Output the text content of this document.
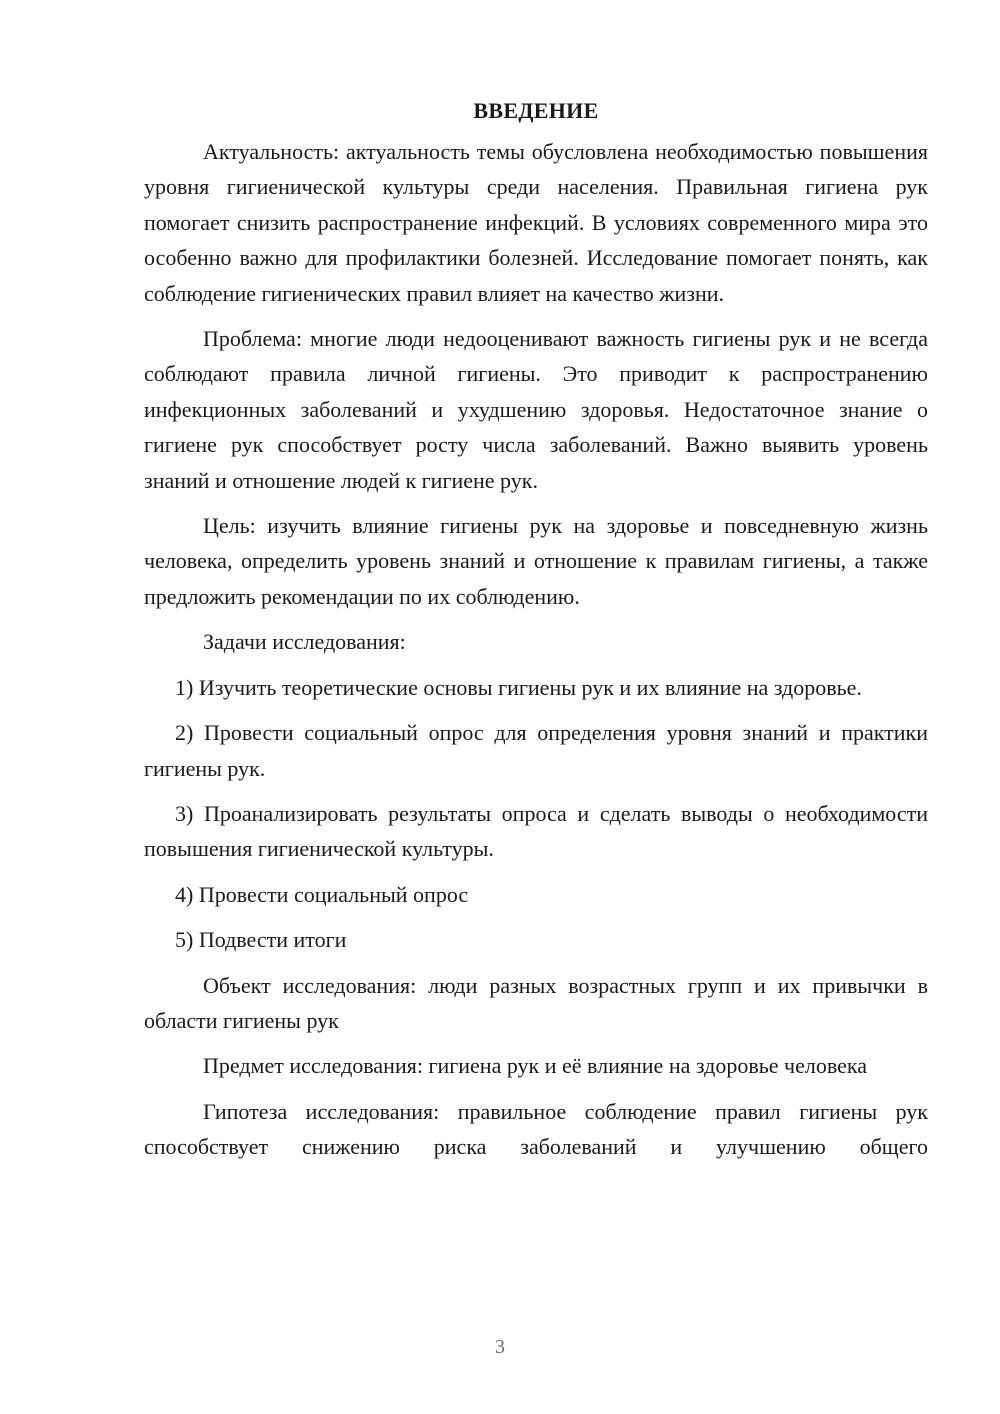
ВВЕДЕНИЕ

Актуальность: актуальность темы обусловлена необходимостью повышения уровня гигиенической культуры среди населения. Правильная гигиена рук помогает снизить распространение инфекций. В условиях современного мира это особенно важно для профилактики болезней. Исследование помогает понять, как соблюдение гигиенических правил влияет на качество жизни.

Проблема: многие люди недооценивают важность гигиены рук и не всегда соблюдают правила личной гигиены. Это приводит к распространению инфекционных заболеваний и ухудшению здоровья. Недостаточное знание о гигиене рук способствует росту числа заболеваний. Важно выявить уровень знаний и отношение людей к гигиене рук.

Цель: изучить влияние гигиены рук на здоровье и повседневную жизнь человека, определить уровень знаний и отношение к правилам гигиены, а также предложить рекомендации по их соблюдению.

Задачи исследования:

1) Изучить теоретические основы гигиены рук и их влияние на здоровье.

2) Провести социальный опрос для определения уровня знаний и практики гигиены рук.

3) Проанализировать результаты опроса и сделать выводы о необходимости повышения гигиенической культуры.

4) Провести социальный опрос

5) Подвести итоги

Объект исследования: люди разных возрастных групп и их привычки в области гигиены рук

Предмет исследования: гигиена рук и её влияние на здоровье человека

Гипотеза исследования: правильное соблюдение правил гигиены рук способствует снижению риска заболеваний и улучшению общего

3
